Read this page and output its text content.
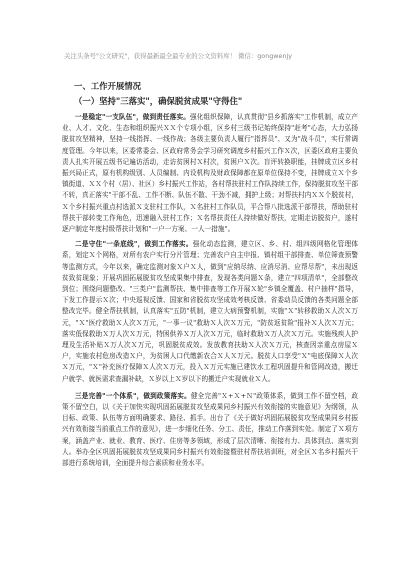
关注头条号"公文研究"，获得最新最全最专业的公文资料库！ 微信：gongwenjy
一、工作开展情况
（一）坚持"三落实"，确保脱贫成果"守得住"

一是稳定"一支队伍"，做到责任落实。强化组织保障，认真贯彻"县乡抓落实"工作机制，成立产业、人才、文化、生态和组织振兴ＸＸ个专项小组，区乡村三级书记始终保持"赶考"心态，大力弘扬脱贫攻坚精神，坚持一线指挥、一线作战；各级主要负责人履行"指挥员"、又为"战斗员"，实行常调度管理。今年以来，区委常委会、区政府常务会学习研究调度乡村振兴工作Ｘ次，区委区政府主要负责人扎实开展五级书记遍访活动，走访贫困村Ｘ村次，贫困户Ｘ次。盲评转换职能，挂牌成立区乡村振兴局正式，原有机构级别、人员编制、内设机构及财政保障都在原单位保持不变，挂牌成立Ｘ个乡镇街道、ＸＸ个村（居）、社区）乡村振兴工作站，各村帮扶驻村工作队持续工作，保持脱贫攻坚干部不转，真正落实"干部不乱、工作不断、队伍不散、干劲不减，拥护上级；对帮扶村内ＸＸ个脱贫村，Ｘ个乡村振兴重点村选派Ｘ支驻村工作队，Ｘ名驻村工作队员，平合帮八批选派干部帮扶，帮助驻村帮扶干部转变工作角色，迅速融入驻村工作；Ｘ名帮扶责任人持续做好帮扶，定期走访脱贫户，遂村逐户制定年度村级帮扶计划和"一户一方案、一人一措施"。

二是守住"一条底线"，做到工作落实。强化动态监测，建立区、乡、村、组四级网格化管理体系，划定Ｘ个网格，对所有农户实行分片管理；完善农户自主申报、镇村组干部排查、单位筛查预警等监测方式，今年以来，确定监测对象Ｘ户Ｘ人，做到"应纳尽纳、应消尽消、应帮尽帮"，未出现返贫致贫现象；开展巩固拓展脱贫攻坚成果集中排查，发现各类问题Ｘ条，建立"四项清单"，全部整改到位；围绕问题整改、"三类户"监测帮扶、集中排查等工作开展Ｘ轮"乡镇全覆盖、村户抽样"指导，下发工作提示Ｘ次；中央巡视反馈、国家和省脱贫攻坚成效考核反馈、省委动员反馈的各类问题全部整改完毕。健全帮扶机制，认真落实"五防"机制，建立大病预警机制，实施"Ｘ"转移救助Ｘ人次Ｘ万元，"Ｘ"医疗救助Ｘ人次Ｘ万元，"一事一议"救助Ｘ人次Ｘ万元，"防贫返贫险"报补Ｘ人次Ｘ万元；落实低保救助Ｘ万人次Ｘ万元，特困供养Ｘ万人次Ｘ万元，临时救助Ｘ万人次Ｘ万元。实施残疾人护理及生活补贴Ｘ万人次Ｘ万元，巩固脱贫成效。发放教育扶助Ｘ人次Ｘ万元，核查因亲重点房屋Ｘ户，实施农村危房改造Ｘ户，为贫困人口代缴新农合Ｘ人Ｘ万元。脱贫人口享受"Ｘ"电底保障Ｘ人次Ｘ万元，"Ｘ"补充医疗保障Ｘ人次Ｘ万元，投入Ｘ万元实施已建饮水工程巩固提升和管网改造，搬迁户就学、就医需求查漏补缺，Ｘ岁以上Ｘ岁以下的搬迁户实现就业Ｘ人。

三是完善"一个体系"，做到政策落实。健全完善"Ｘ+Ｘ+Ｎ"政策体系，做到工作不留空档，政策不留空白，以《关于加快实现巩固拓展脱贫攻坚成果同乡村振兴有效衔接的实施意见》为纲领，从目标、政策、队伍等方面明确要求、路径、抓手。出台了《关于做好巩固拓展脱贫攻坚成果同乡村振兴有效衔接当前重点工作的意见》，进一步细化任务、分工、责任，推动工作落到实处。制定了Ｘ项方案，涵盖产业、就业、教育、医疗、住房等多领域，形成了层次清晰、衔接有力、具体到点、落实到人。举办全区巩固拓展脱贫攻坚成果同乡村振兴有效衔接暨驻村帮扶培训班，对全区Ｘ名乡村振兴干部进行系统培训，全面提升综合素质和业务水平。
